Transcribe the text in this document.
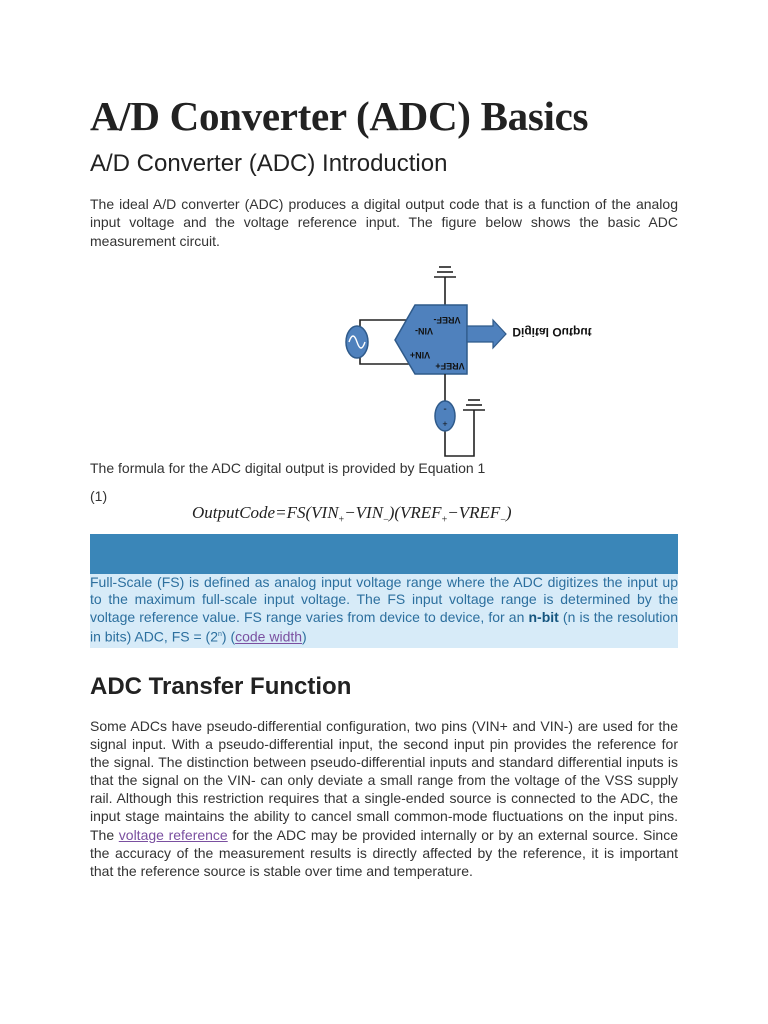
A/D Converter (ADC) Basics
A/D Converter (ADC) Introduction

The ideal A/D converter (ADC) produces a digital output code that is a function of the analog input voltage and the voltage reference input. The figure below shows the basic ADC measurement circuit.

VIN-
VREF-
VIN+
VREF+
Digital Output
-
+
The formula for the ADC digital output is provided by Equation 1
(1)
$OutputCode=FS(VIN_+-VIN_-)(VREF_+-VREF_-)$
Full-Scale (FS) is defined as analog input voltage range where the ADC digitizes the input up to the maximum full-scale input voltage. The FS input voltage range is determined by the voltage reference value. FS range varies from device to device, for an n-bit (n is the resolution in bits) ADC, FS = $(2^n)$ (code width)
ADC Transfer Function

Some ADCs have pseudo-differential configuration, two pins (VIN+ and VIN-) are used for the signal input. With a pseudo-differential input, the second input pin provides the reference for the signal. The distinction between pseudo-differential inputs and standard differential inputs is that the signal on the VIN- can only deviate a small range from the voltage of the VSS supply rail. Although this restriction requires that a single-ended source is connected to the ADC, the input stage maintains the ability to cancel small common-mode fluctuations on the input pins. The voltage reference for the ADC may be provided internally or by an external source. Since the accuracy of the measurement results is directly affected by the reference, it is important that the reference source is stable over time and temperature.
